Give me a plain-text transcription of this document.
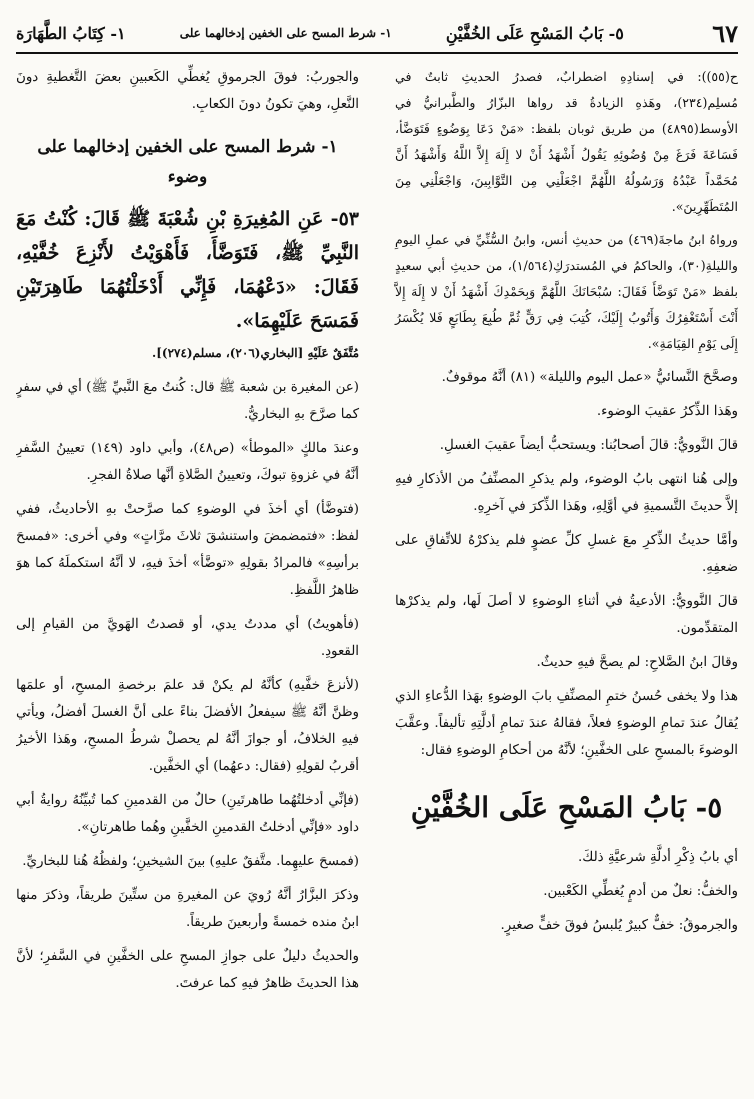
٦٧
٥- بَابُ المَسْحِ عَلَى الخُفَّيْنِ
١- شرط المسح على الخفين إدخالهما على
١- كِتَابُ الطَّهَارَة

ح(٥٥)): في إسنادِهِ اضطرابٌ، فصدرُ الحديثِ ثابتٌ في مُسلِم(٢٣٤)، وهَذهِ الزيادةُ قد رواها البزّارُ والطَّبرانيُّ في الأوسط(٤٨٩٥) من طريق ثوبان بلفظ: «مَنْ دَعَا بِوَضُوءٍ فَتَوَضَّأ، فَسَاعَةَ فَرَغَ مِنْ وُضُوئِهِ يَقُولُ أَشْهَدُ أَنْ لا إِلَهَ إِلاَّ اللَّهُ وَأَشْهَدُ أَنَّ مُحَمَّداً عَبْدُهُ وَرَسُولُهُ اللَّهُمَّ اجْعَلْنِي مِن التَّوَّابِينَ، وَاجْعَلْنِي مِنَ المُتَطَهِّرِينَ».

ورواهُ ابنُ ماجةَ(٤٦٩) من حديثِ أنس، وابنُ السُّنِّيِّ في عملِ اليومِ والليلةِ(٣٠)، والحاكمُ في المُستدرَكِ(١/٥٦٤)، من حديثِ أبي سعيدٍ بلفظ «مَنْ تَوَضَّأَ فَقَالَ: سُبْحَانَكَ اللَّهُمَّ وَبِحَمْدِكَ أَشْهَدُ أَنْ لا إِلَهَ إِلاَّ أَنْتَ أَسْتَغْفِرُكَ وَأَتُوبُ إِلَيْكَ، كُتِبَ فِي رَقٍّ ثُمَّ طُبِعَ بِطَابَعٍ فَلا يُكْسَرُ إِلَى يَوْمِ القِيَامَةِ».

وصحَّحَ النَّسائيُّ «عمل اليوم والليلة» (٨١) أنَّهُ موقوفٌ.

وهَذا الذِّكرُ عقيبَ الوضوء.

قالَ النَّوويُّ: قالَ أصحابُنا: ويستحبُّ أيضاً عقيبَ الغسلِ.

وإلى هُنا انتهى بابُ الوضوء، ولم يذكرِ المصنِّفُ من الأذكارِ فيهِ إلاَّ حديثَ التَّسميةِ في أوَّلِهِ، وهَذا الذِّكرَ في آخرِهِ.

وأمَّا حديثُ الذِّكرِ معَ غسلِ كلِّ عضوٍ فلم يذكرْهُ للاتِّفاقِ على ضعفِهِ.

قالَ النَّوويُّ: الأدعيةُ في أثناءِ الوضوءِ لا أصلَ لَها، ولم يذكرْها المتقدِّمون.

وقالَ ابنُ الصَّلاحِ: لم يصحَّ فيهِ حديثٌ.

هذا ولا يخفى حُسنُ ختمِ المصنِّفِ بابَ الوضوءِ بهَذا الدُّعاءِ الذي يُقالُ عندَ تمامِ الوضوءِ فعلاً، فقالهُ عندَ تمامِ أدلَّتِهِ تأليفاً. وعقَّبَ الوضوءَ بالمسحِ على الخفَّينِ؛ لأنَّهُ من أحكامِ الوضوءِ فقال:

٥- بَابُ المَسْحِ عَلَى الخُفَّيْنِ

أي بابُ ذِكْرِ أدلَّةِ شرعيَّةِ ذلكَ.

والخفُّ: نعلٌ من أدمٍ يُغطِّي الكَعْبين.

والجرموقُ: خفٌّ كبيرٌ يُلبسُ فوقَ خفٍّ صغيرٍ.

والجوربُ: فوقَ الجرموقِ يُغطِّي الكَعبينِ بعضَ التَّغطيةِ دونَ النَّعلِ، وهيَ تكونُ دونَ الكعابِ.

١- شرط المسح على الخفين إدخالهما على وضوء

٥٣- عَنِ المُغِيرَةِ بْنِ شُعْبَةَ ﷺ قَالَ: كُنْتُ مَعَ النَّبِيِّ ﷺ، فَتَوَضَّأَ، فَأَهْوَيْتُ لأَنْزِعَ خُفَّيْهِ، فَقَالَ: «دَعْهُمَا، فَإِنِّي أَدْخَلْتُهُمَا طَاهِرَتَيْنِ فَمَسَحَ عَلَيْهِمَا».

مُتَّفَقٌ عَلَيْهِ [البخاري(٢٠٦)، مسلم(٢٧٤)].

(عن المغيرة بن شعبة ﷺ قال: كُنتُ معَ النَّبيِّ ﷺ) أي في سفرٍ كما صرَّحَ بهِ البخاريُّ.

وعندَ مالكٍ «الموطأ» (ص٤٨)، وأبي داود (١٤٩) تعيينُ السَّفرِ أنَّهُ في غزوةِ تبوكَ، وتعيينُ الصَّلاةِ أنَّها صلاةُ الفجرِ.

(فتوضَّأ) أي أخذَ في الوضوءِ كما صرَّحتْ بهِ الأحاديثُ، ففي لفظ: «فتمضمضَ واستنشقَ ثلاثَ مرَّاتٍ» وفي أخرى: «فمسحَ برأسِهِ» فالمرادُ بقولِهِ «توضَّأ» أخذَ فيهِ، لا أنَّهُ استكملَهُ كما هوَ ظاهرُ اللَّفظِ.

(فأهويتُ) أي مددتُ يدي، أو قصدتُ الهَويَّ من القيامِ إلى القعودِ.

(لأنزعَ خفَّيهِ) كأنَّهُ لم يكنْ قد علمَ برخصةِ المسحِ، أو علمَها وظنَّ أنَّهُ ﷺ سيفعلُ الأفضلَ بناءً على أنَّ الغسلَ أفضلُ، ويأتي فيهِ الخلافُ، أو جوازَ أنَّهُ لم يحصلْ شرطُ المسحِ، وهَذا الأخيرُ أقربُ لقولِهِ (فقال: دعهُما) أي الخفَّين.

(فإنِّي أدخلتُهُما طاهرتَينِ) حالٌ من القدمينِ كما تُبيِّنُهُ روايةُ أبي داود «فإنِّي أدخلتُ القدمينِ الخفَّينِ وهُما طاهرتانِ».

(فمسحَ عليهِما. متَّفقٌ عليهِ) بينَ الشيخينِ؛ ولفظُهُ هُنا للبخاريِّ.

وذكرَ البزَّارُ أنَّهُ رُويَ عن المغيرةِ من ستِّينَ طريقاً، وذكرَ منها ابنُ منده خمسةً وأربعينَ طريقاً.

والحديثُ دليلٌ على جوازِ المسحِ على الخفَّينِ في السَّفرِ؛ لأنَّ هذا الحديثَ ظاهرٌ فيهِ كما عرفتَ.
